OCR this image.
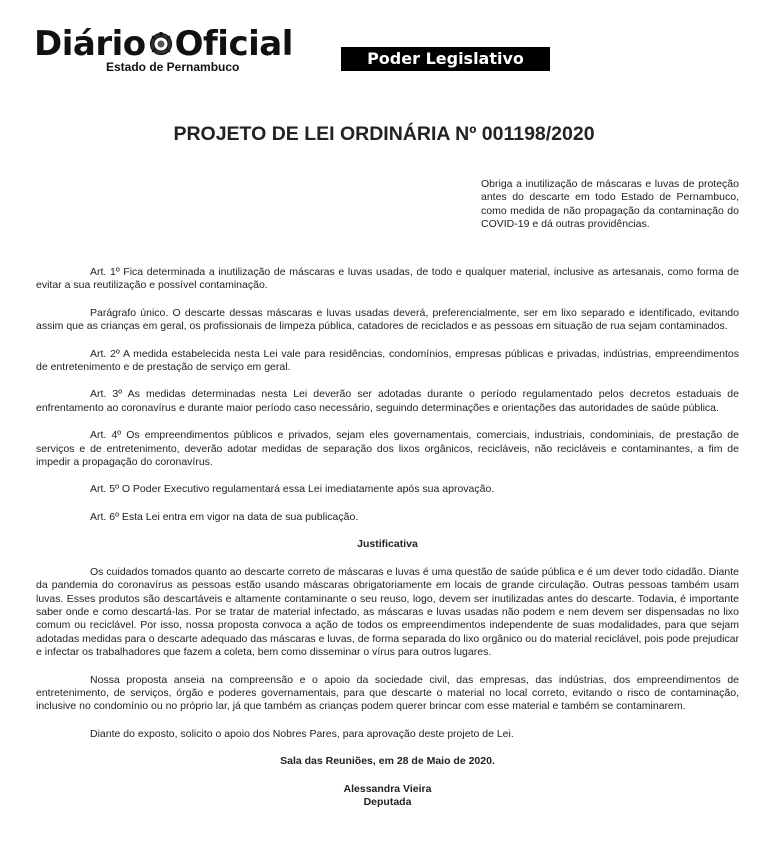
Diário Oficial
Estado de Pernambuco	Poder Legislativo
PROJETO DE LEI ORDINÁRIA Nº 001198/2020
Obriga a inutilização de máscaras e luvas de proteção antes do descarte em todo Estado de Pernambuco, como medida de não propagação da contaminação do COVID-19 e dá outras providências.

Art. 1º Fica determinada a inutilização de máscaras e luvas usadas, de todo e qualquer material, inclusive as artesanais, como forma de evitar a sua reutilização e possível contaminação.

Parágrafo único. O descarte dessas máscaras e luvas usadas deverá, preferencialmente, ser em lixo separado e identificado, evitando assim que as crianças em geral, os profissionais de limpeza pública, catadores de reciclados e as pessoas em situação de rua sejam contaminados.

Art. 2º A medida estabelecida nesta Lei vale para residências, condomínios, empresas públicas e privadas, indústrias, empreendimentos de entretenimento e de prestação de serviço em geral.

Art. 3º As medidas determinadas nesta Lei deverão ser adotadas durante o período regulamentado pelos decretos estaduais de enfrentamento ao coronavírus e durante maior período caso necessário, seguindo determinações e orientações das autoridades de saúde pública.

Art. 4º Os empreendimentos públicos e privados, sejam eles governamentais, comerciais, industriais, condominiais, de prestação de serviços e de entretenimento, deverão adotar medidas de separação dos lixos orgânicos, recicláveis, não recicláveis e contaminantes, a fim de impedir a propagação do coronavírus.

Art. 5º O Poder Executivo regulamentará essa Lei imediatamente após sua aprovação.

Art. 6º Esta Lei entra em vigor na data de sua publicação.

Justificativa

Os cuidados tomados quanto ao descarte correto de máscaras e luvas é uma questão de saúde pública e é um dever todo cidadão. Diante da pandemia do coronavírus as pessoas estão usando máscaras obrigatoriamente em locais de grande circulação. Outras pessoas também usam luvas. Esses produtos são descartáveis e altamente contaminante o seu reuso, logo, devem ser inutilizadas antes do descarte. Todavia, é importante saber onde e como descartá-las. Por se tratar de material infectado, as máscaras e luvas usadas não podem e nem devem ser dispensadas no lixo comum ou reciclável. Por isso, nossa proposta convoca a ação de todos os empreendimentos independente de suas modalidades, para que sejam adotadas medidas para o descarte adequado das máscaras e luvas, de forma separada do lixo orgânico ou do material reciclável, pois pode prejudicar e infectar os trabalhadores que fazem a coleta, bem como disseminar o vírus para outros lugares.

Nossa proposta anseia na compreensão e o apoio da sociedade civil, das empresas, das indústrias, dos empreendimentos de entretenimento, de serviços, órgão e poderes governamentais, para que descarte o material no local correto, evitando o risco de contaminação, inclusive no condomínio ou no próprio lar, já que também as crianças podem querer brincar com esse material e também se contaminarem.

Diante do exposto, solicito o apoio dos Nobres Pares, para aprovação deste projeto de Lei.

Sala das Reuniões, em 28 de Maio de 2020.

Alessandra Vieira

Deputada
